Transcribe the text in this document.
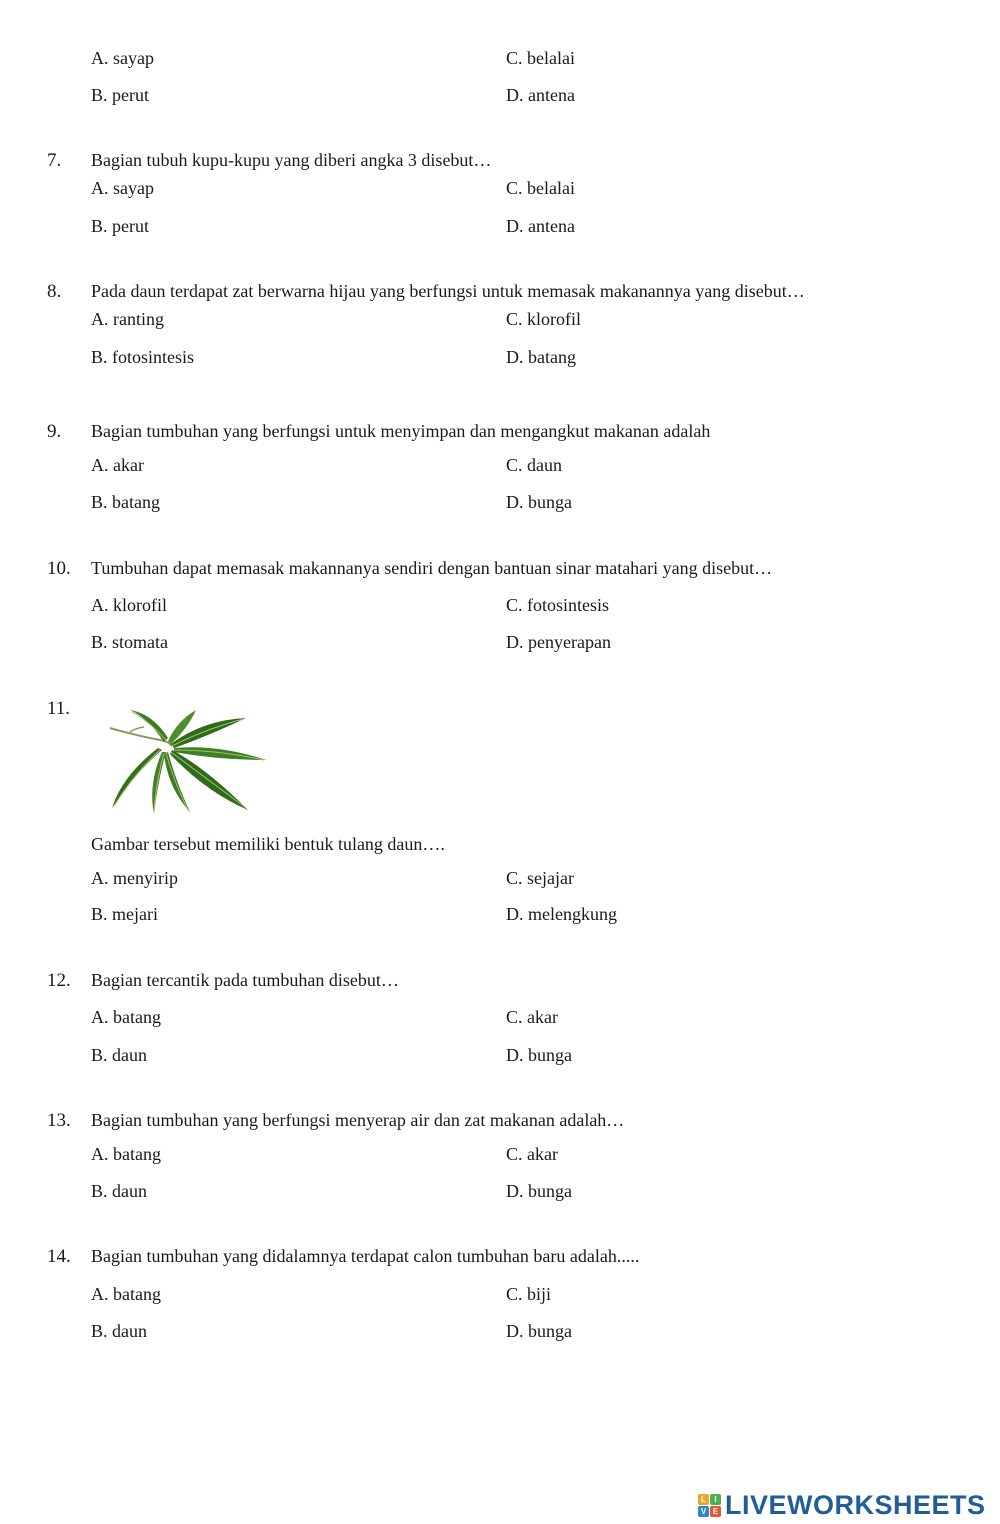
A. sayap	C. belalai
B. perut	D. antena
7.	Bagian tubuh kupu-kupu yang diberi angka 3 disebut…
A. sayap	C. belalai
B. perut	D. antena
8.	Pada daun terdapat zat berwarna hijau yang berfungsi untuk memasak makanannya yang disebut…
A. ranting	C. klorofil
B. fotosintesis	D. batang
9.	Bagian tumbuhan yang berfungsi untuk menyimpan dan mengangkut makanan adalah
A. akar	C. daun
B. batang	D. bunga
10.	Tumbuhan dapat memasak makannanya sendiri dengan bantuan sinar matahari yang disebut…
A. klorofil	C. fotosintesis
B. stomata	D. penyerapan
11.
Gambar tersebut memiliki bentuk tulang daun….
A. menyirip	C. sejajar
B. mejari	D. melengkung
12.	Bagian tercantik pada tumbuhan disebut…
A. batang	C. akar
B. daun	D. bunga
13.	Bagian tumbuhan yang berfungsi menyerap air dan zat makanan adalah…
A. batang	C. akar
B. daun	D. bunga
14.	Bagian tumbuhan yang didalamnya terdapat calon tumbuhan baru adalah.....
A. batang	C. biji
B. daun	D. bunga
L	I
V E LIVEWORKSHEETS
